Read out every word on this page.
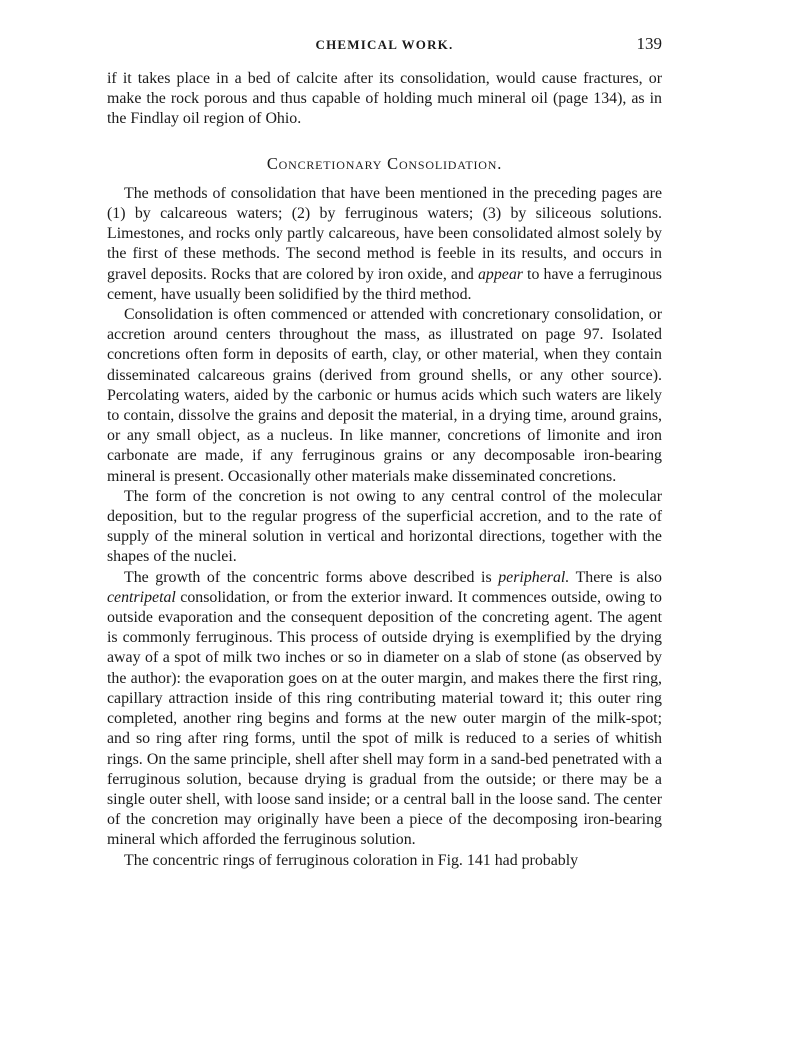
CHEMICAL WORK.	139

if it takes place in a bed of calcite after its consolidation, would cause fractures, or make the rock porous and thus capable of holding much mineral oil (page 134), as in the Findlay oil region of Ohio.

Concretionary Consolidation.

The methods of consolidation that have been mentioned in the preceding pages are (1) by calcareous waters; (2) by ferruginous waters; (3) by siliceous solutions. Limestones, and rocks only partly calcareous, have been consolidated almost solely by the first of these methods. The second method is feeble in its results, and occurs in gravel deposits. Rocks that are colored by iron oxide, and appear to have a ferruginous cement, have usually been solidified by the third method.

Consolidation is often commenced or attended with concretionary consolidation, or accretion around centers throughout the mass, as illustrated on page 97. Isolated concretions often form in deposits of earth, clay, or other material, when they contain disseminated calcareous grains (derived from ground shells, or any other source). Percolating waters, aided by the carbonic or humus acids which such waters are likely to contain, dissolve the grains and deposit the material, in a drying time, around grains, or any small object, as a nucleus. In like manner, concretions of limonite and iron carbonate are made, if any ferruginous grains or any decomposable iron-bearing mineral is present. Occasionally other materials make disseminated concretions.

The form of the concretion is not owing to any central control of the molecular deposition, but to the regular progress of the superficial accretion, and to the rate of supply of the mineral solution in vertical and horizontal directions, together with the shapes of the nuclei.

The growth of the concentric forms above described is peripheral. There is also centripetal consolidation, or from the exterior inward. It commences outside, owing to outside evaporation and the consequent deposition of the concreting agent. The agent is commonly ferruginous. This process of outside drying is exemplified by the drying away of a spot of milk two inches or so in diameter on a slab of stone (as observed by the author): the evaporation goes on at the outer margin, and makes there the first ring, capillary attraction inside of this ring contributing material toward it; this outer ring completed, another ring begins and forms at the new outer margin of the milk-spot; and so ring after ring forms, until the spot of milk is reduced to a series of whitish rings. On the same principle, shell after shell may form in a sand-bed penetrated with a ferruginous solution, because drying is gradual from the outside; or there may be a single outer shell, with loose sand inside; or a central ball in the loose sand. The center of the concretion may originally have been a piece of the decomposing iron-bearing mineral which afforded the ferruginous solution.

The concentric rings of ferruginous coloration in Fig. 141 had probably
